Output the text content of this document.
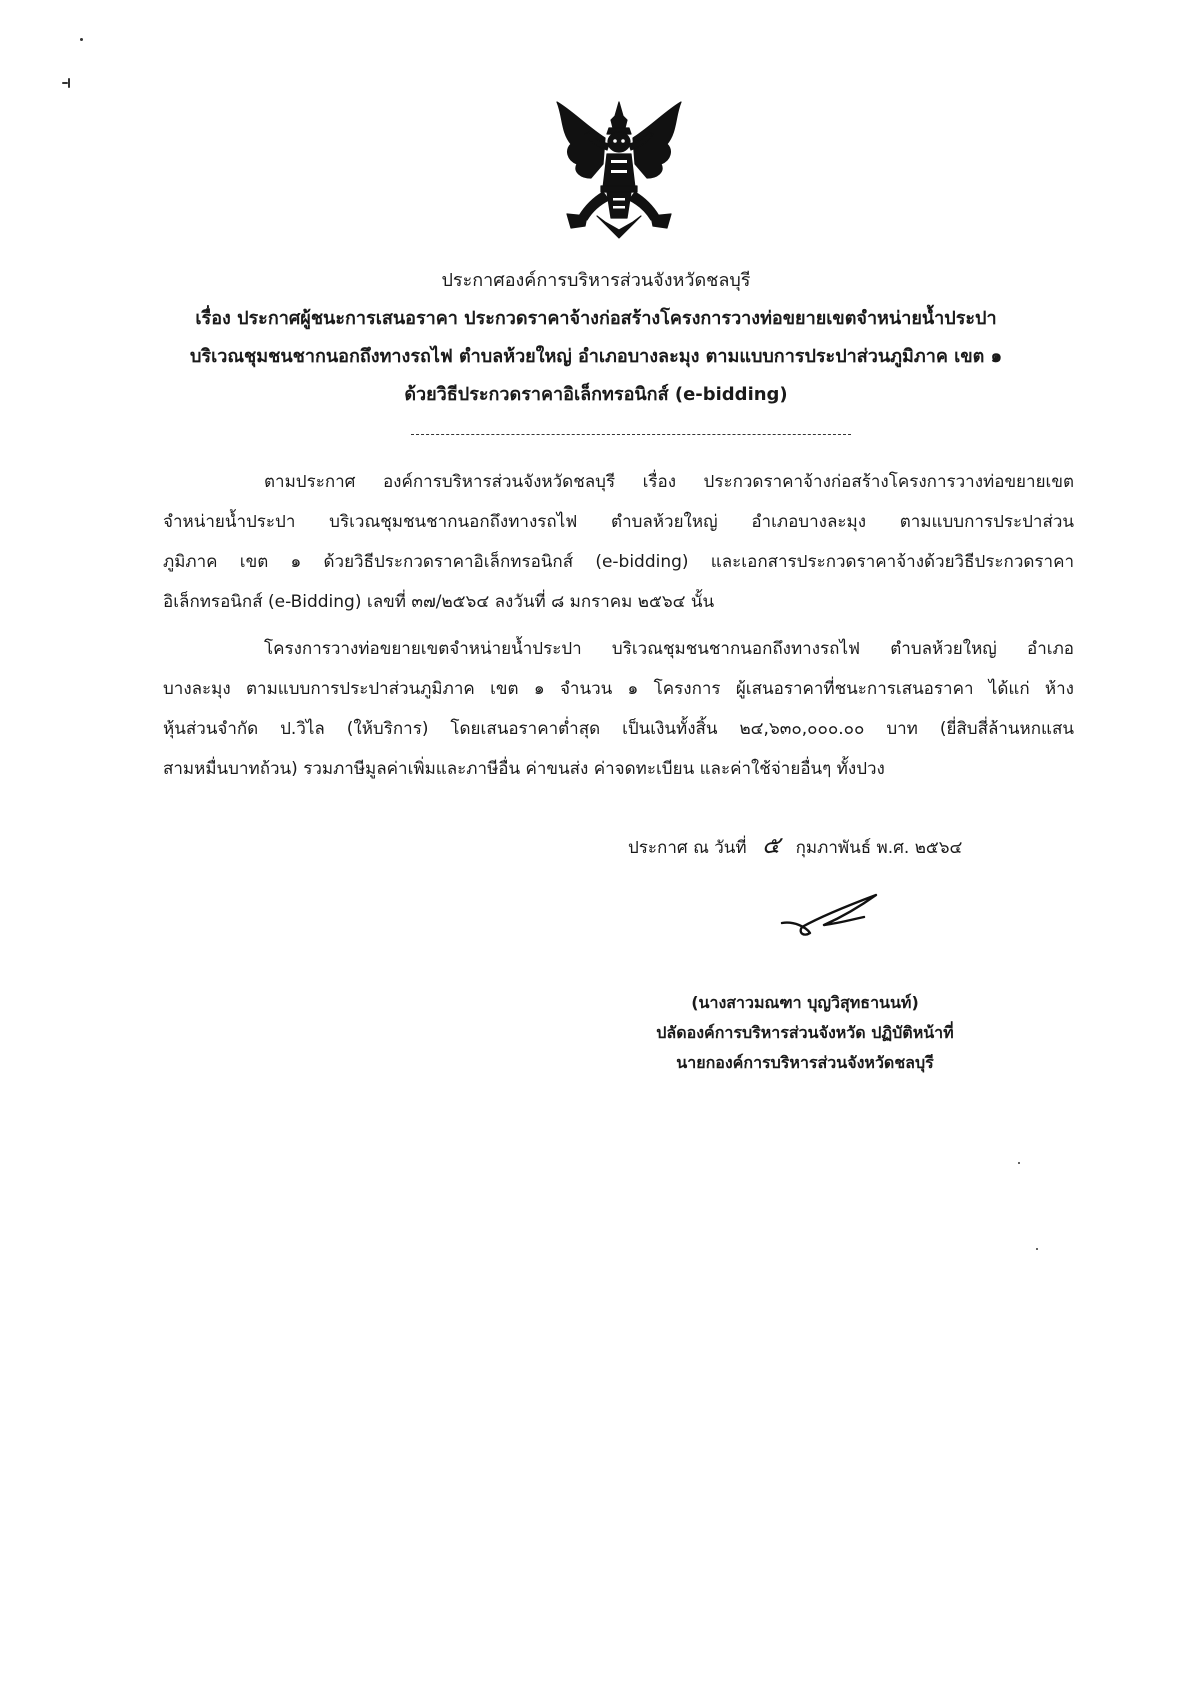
ประกาศองค์การบริหารส่วนจังหวัดชลบุรี
เรื่อง ประกาศผู้ชนะการเสนอราคา ประกวดราคาจ้างก่อสร้างโครงการวางท่อขยายเขตจำหน่ายน้ำประปา
บริเวณชุมชนชากนอกถึงทางรถไฟ ตำบลห้วยใหญ่ อำเภอบางละมุง ตามแบบการประปาส่วนภูมิภาค เขต ๑
ด้วยวิธีประกวดราคาอิเล็กทรอนิกส์ (e-bidding)
ตามประกาศ องค์การบริหารส่วนจังหวัดชลบุรี เรื่อง ประกวดราคาจ้างก่อสร้างโครงการวางท่อขยายเขต
จำหน่ายน้ำประปา บริเวณชุมชนชากนอกถึงทางรถไฟ ตำบลห้วยใหญ่ อำเภอบางละมุง ตามแบบการประปาส่วน
ภูมิภาค เขต ๑ ด้วยวิธีประกวดราคาอิเล็กทรอนิกส์ (e-bidding) และเอกสารประกวดราคาจ้างด้วยวิธีประกวดราคา
อิเล็กทรอนิกส์ (e-Bidding) เลขที่ ๓๗/๒๕๖๔ ลงวันที่ ๘ มกราคม ๒๕๖๔ นั้น
โครงการวางท่อขยายเขตจำหน่ายน้ำประปา บริเวณชุมชนชากนอกถึงทางรถไฟ ตำบลห้วยใหญ่ อำเภอ
บางละมุง ตามแบบการประปาส่วนภูมิภาค เขต ๑ จำนวน ๑ โครงการ ผู้เสนอราคาที่ชนะการเสนอราคา ได้แก่ ห้าง
หุ้นส่วนจำกัด ป.วิไล (ให้บริการ) โดยเสนอราคาต่ำสุด เป็นเงินทั้งสิ้น ๒๔,๖๓๐,๐๐๐.๐๐ บาท (ยี่สิบสี่ล้านหกแสน
สามหมื่นบาทถ้วน) รวมภาษีมูลค่าเพิ่มและภาษีอื่น ค่าขนส่ง ค่าจดทะเบียน และค่าใช้จ่ายอื่นๆ ทั้งปวง
ประกาศ ณ วันที่ ๕ กุมภาพันธ์ พ.ศ. ๒๕๖๔
(นางสาวมณฑา บุญวิสุทธานนท์)
ปลัดองค์การบริหารส่วนจังหวัด ปฏิบัติหน้าที่
นายกองค์การบริหารส่วนจังหวัดชลบุรี
